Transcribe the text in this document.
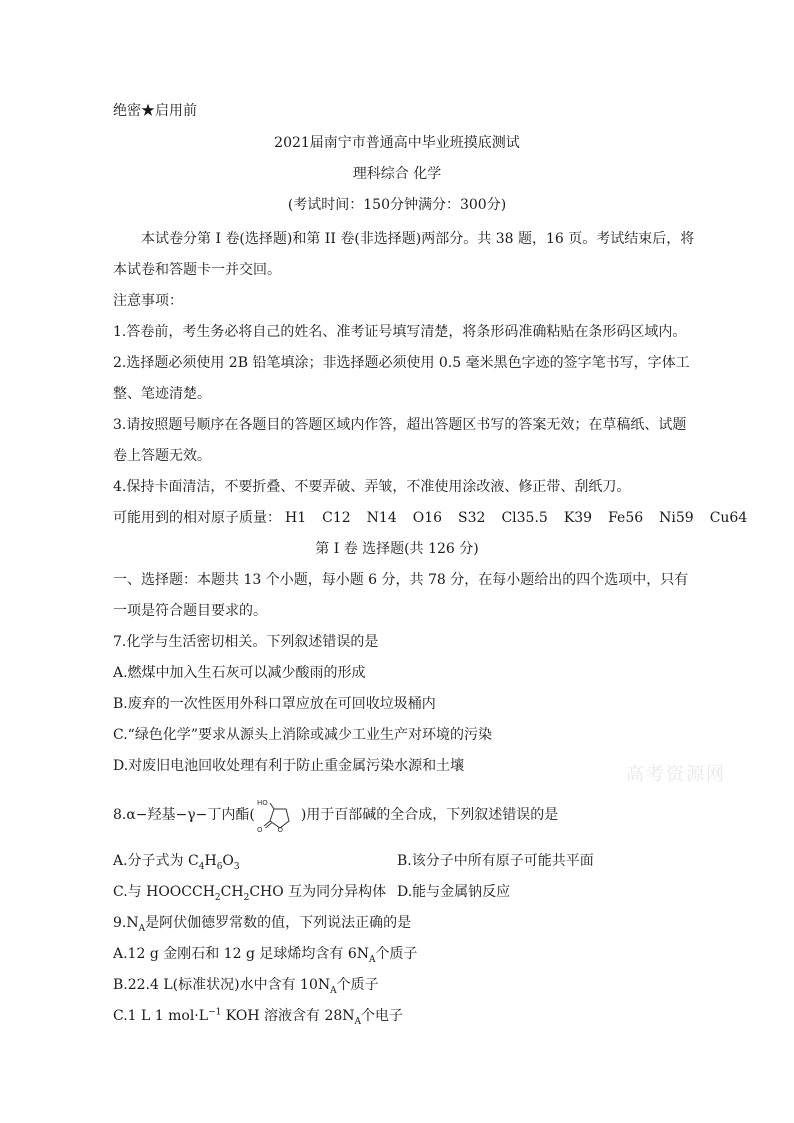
绝密★启用前
2021届南宁市普通高中毕业班摸底测试
理科综合 化学
(考试时间：150分钟满分：300分)
本试卷分第 I 卷(选择题)和第 II 卷(非选择题)两部分。共 38 题，16 页。考试结束后，将
本试卷和答题卡一并交回。
注意事项：
1.答卷前，考生务必将自己的姓名、准考证号填写清楚，将条形码准确粘贴在条形码区域内。
2.选择题必须使用 2B 铅笔填涂；非选择题必须使用 0.5 毫米黑色字迹的签字笔书写，字体工
整、笔迹清楚。
3.请按照题号顺序在各题目的答题区域内作答，超出答题区书写的答案无效；在草稿纸、试题
卷上答题无效。
4.保持卡面清洁，不要折叠、不要弄破、弄皱，不准使用涂改液、修正带、刮纸刀。
可能用到的相对原子质量： H1 C12 N14 O16 S32 Cl35.5 K39 Fe56 Ni59 Cu64
第 I 卷 选择题(共 126 分)
一、选择题：本题共 13 个小题，每小题 6 分，共 78 分，在每小题给出的四个选项中，只有
一项是符合题目要求的。
7.化学与生活密切相关。下列叙述错误的是
A.燃煤中加入生石灰可以减少酸雨的形成
B.废弃的一次性医用外科口罩应放在可回收垃圾桶内
C.“绿色化学”要求从源头上消除或减少工业生产对环境的污染
D.对废旧电池回收处理有利于防止重金属污染水源和土壤	高考资源网
8.α−羟基−γ−丁内酯(
HO
O
O
)用于百部碱的全合成，下列叙述错误的是
A.分子式为 $C_4H_6O_3$	B.该分子中所有原子可能共平面
C.与 $HOOCCH_2CH_2CHO$ 互为同分异构体 D.能与金属钠反应
$9.N_A$是阿伏伽德罗常数的值，下列说法正确的是
A.12 g 金刚石和 12 g 足球烯均含有 $6N_A$个质子
B.22.4 L(标准状况)水中含有 $10N_A$个质子
C.1 L 1 $mol\cdot L^{-1}$ KOH 溶液含有 $28N_A$个电子
